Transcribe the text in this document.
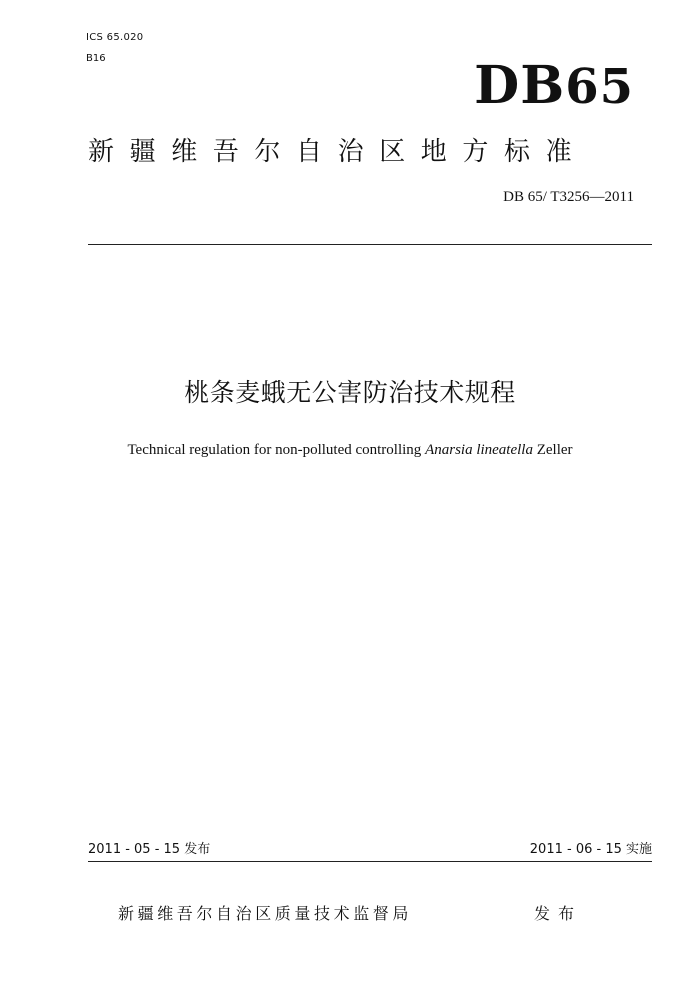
ICS 65.020
B16	DB65
新疆维吾尔自治区地方标准
DB 65/ T3256—2011
桃条麦蛾无公害防治技术规程
Technical regulation for non-polluted controlling Anarsia lineatella Zeller
2011 - 05 - 15 发布	2011 - 06 - 15 实施
新疆维吾尔自治区质量技术监督局	发布
